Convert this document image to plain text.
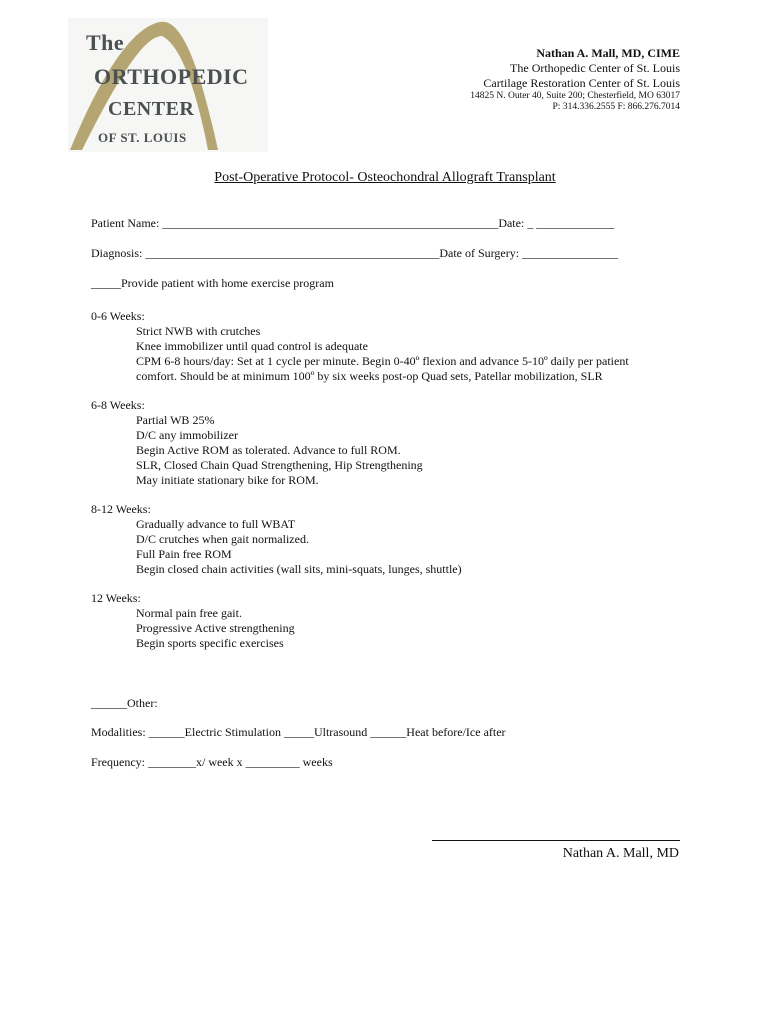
The
ORTHOPEDIC
CENTER
OF ST. LOUIS
Nathan A. Mall, MD, CIME
The Orthopedic Center of St. Louis
Cartilage Restoration Center of St. Louis
14825 N. Outer 40, Suite 200; Chesterfield, MO 63017
P: 314.336.2555 F: 866.276.7014
Post-Operative Protocol- Osteochondral Allograft Transplant
Patient Name: ________________________________________________________Date: _ _____________
Diagnosis: _________________________________________________Date of Surgery: ________________
_____Provide patient with home exercise program
0-6 Weeks:
Strict NWB with crutches
Knee immobilizer until quad control is adequate
CPM 6-8 hours/day: Set at 1 cycle per minute. Begin 0-40º flexion and advance 5-10º daily per patient
comfort. Should be at minimum 100º by six weeks post-op Quad sets, Patellar mobilization, SLR
6-8 Weeks:
Partial WB 25%
D/C any immobilizer
Begin Active ROM as tolerated. Advance to full ROM.
SLR, Closed Chain Quad Strengthening, Hip Strengthening
May initiate stationary bike for ROM.
8-12 Weeks:
Gradually advance to full WBAT
D/C crutches when gait normalized.
Full Pain free ROM
Begin closed chain activities (wall sits, mini-squats, lunges, shuttle)
12 Weeks:
Normal pain free gait.
Progressive Active strengthening
Begin sports specific exercises
______Other:
Modalities: ______Electric Stimulation _____Ultrasound ______Heat before/Ice after
Frequency: ________x/ week x _________ weeks
Nathan A. Mall, MD
